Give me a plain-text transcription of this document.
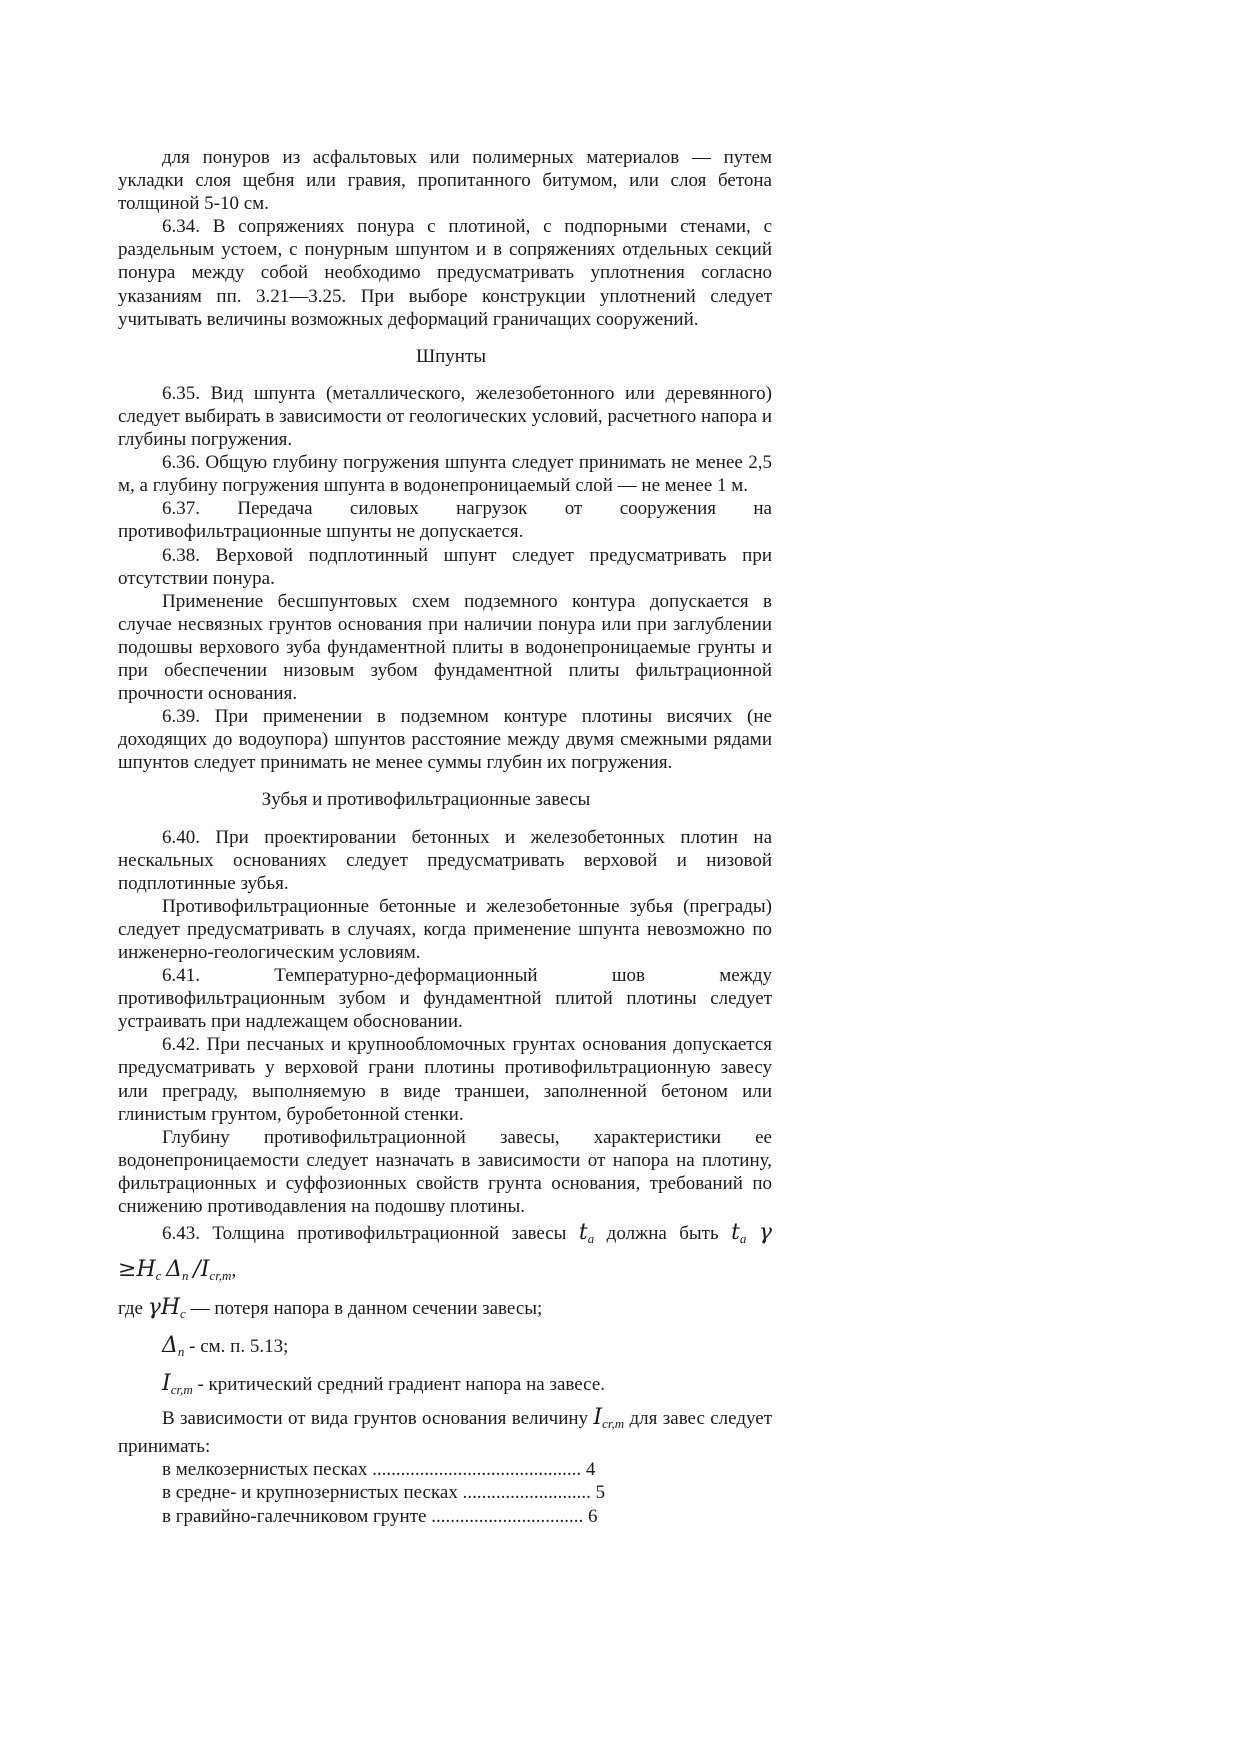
для понуров из асфальтовых или полимерных материалов — путем укладки слоя щебня или гравия, пропитанного битумом, или слоя бетона толщиной 5-10 см.

6.34. В сопряжениях понура с плотиной, с подпорными стенами, с раздельным устоем, с понурным шпунтом и в сопряжениях отдельных секций понура между собой необходимо предусматривать уплотнения согласно указаниям пп. 3.21—3.25. При выборе конструкции уплотнений следует учитывать величины возможных деформаций граничащих сооружений.

Шпунты

6.35. Вид шпунта (металлического, железобетонного или деревянного) следует выбирать в зависимости от геологических условий, расчетного напора и глубины погружения.

6.36. Общую глубину погружения шпунта следует принимать не менее 2,5 м, а глубину погружения шпунта в водонепроницаемый слой — не менее 1 м.

6.37. Передача силовых нагрузок от сооружения на противофильтрационные шпунты не допускается.

6.38. Верховой подплотинный шпунт следует предусматривать при отсутствии понура.

Применение бесшпунтовых схем подземного контура допускается в случае несвязных грунтов основания при наличии понура или при заглублении подошвы верхового зуба фундаментной плиты в водонепроницаемые грунты и при обеспечении низовым зубом фундаментной плиты фильтрационной прочности основания.

6.39. При применении в подземном контуре плотины висячих (не доходящих до водоупора) шпунтов расстояние между двумя смежными рядами шпунтов следует принимать не менее суммы глубин их погружения.

Зубья и противофильтрационные завесы

6.40. При проектировании бетонных и железобетонных плотин на нескальных основаниях следует предусматривать верховой и низовой подплотинные зубья.

Противофильтрационные бетонные и железобетонные зубья (преграды) следует предусматривать в случаях, когда применение шпунта невозможно по инженерно-геологическим условиям.

6.41. Температурно-деформационный шов между противофильтрационным зубом и фундаментной плитой плотины следует устраивать при надлежащем обосновании.

6.42. При песчаных и крупнообломочных грунтах основания допускается предусматривать у верховой грани плотины противофильтрационную завесу или преграду, выполняемую в виде траншеи, заполненной бетоном или глинистым грунтом, буробетонной стенки.

Глубину противофильтрационной завесы, характеристики ее водонепроницаемости следует назначать в зависимости от напора на плотину, фильтрационных и суффозионных свойств грунта основания, требований по снижению противодавления на подошву плотины.

6.43. Толщина противофильтрационной завесы $t_a$ должна быть $t_a$ γ

$\ge H_c$ $\Delta_n$ $/I_{cr,m}$,

где $\gamma H_c$ — потеря напора в данном сечении завесы;

$\Delta_n$ - см. п. 5.13;

$I_{cr,m}$ - критический средний градиент напора на завесе.

В зависимости от вида грунтов основания величину $I_{cr,m}$ для завес следует принимать:

в мелкозернистых песках ............................................ 4

в средне- и крупнозернистых песках ........................... 5

в гравийно-галечниковом грунте ................................ 6
